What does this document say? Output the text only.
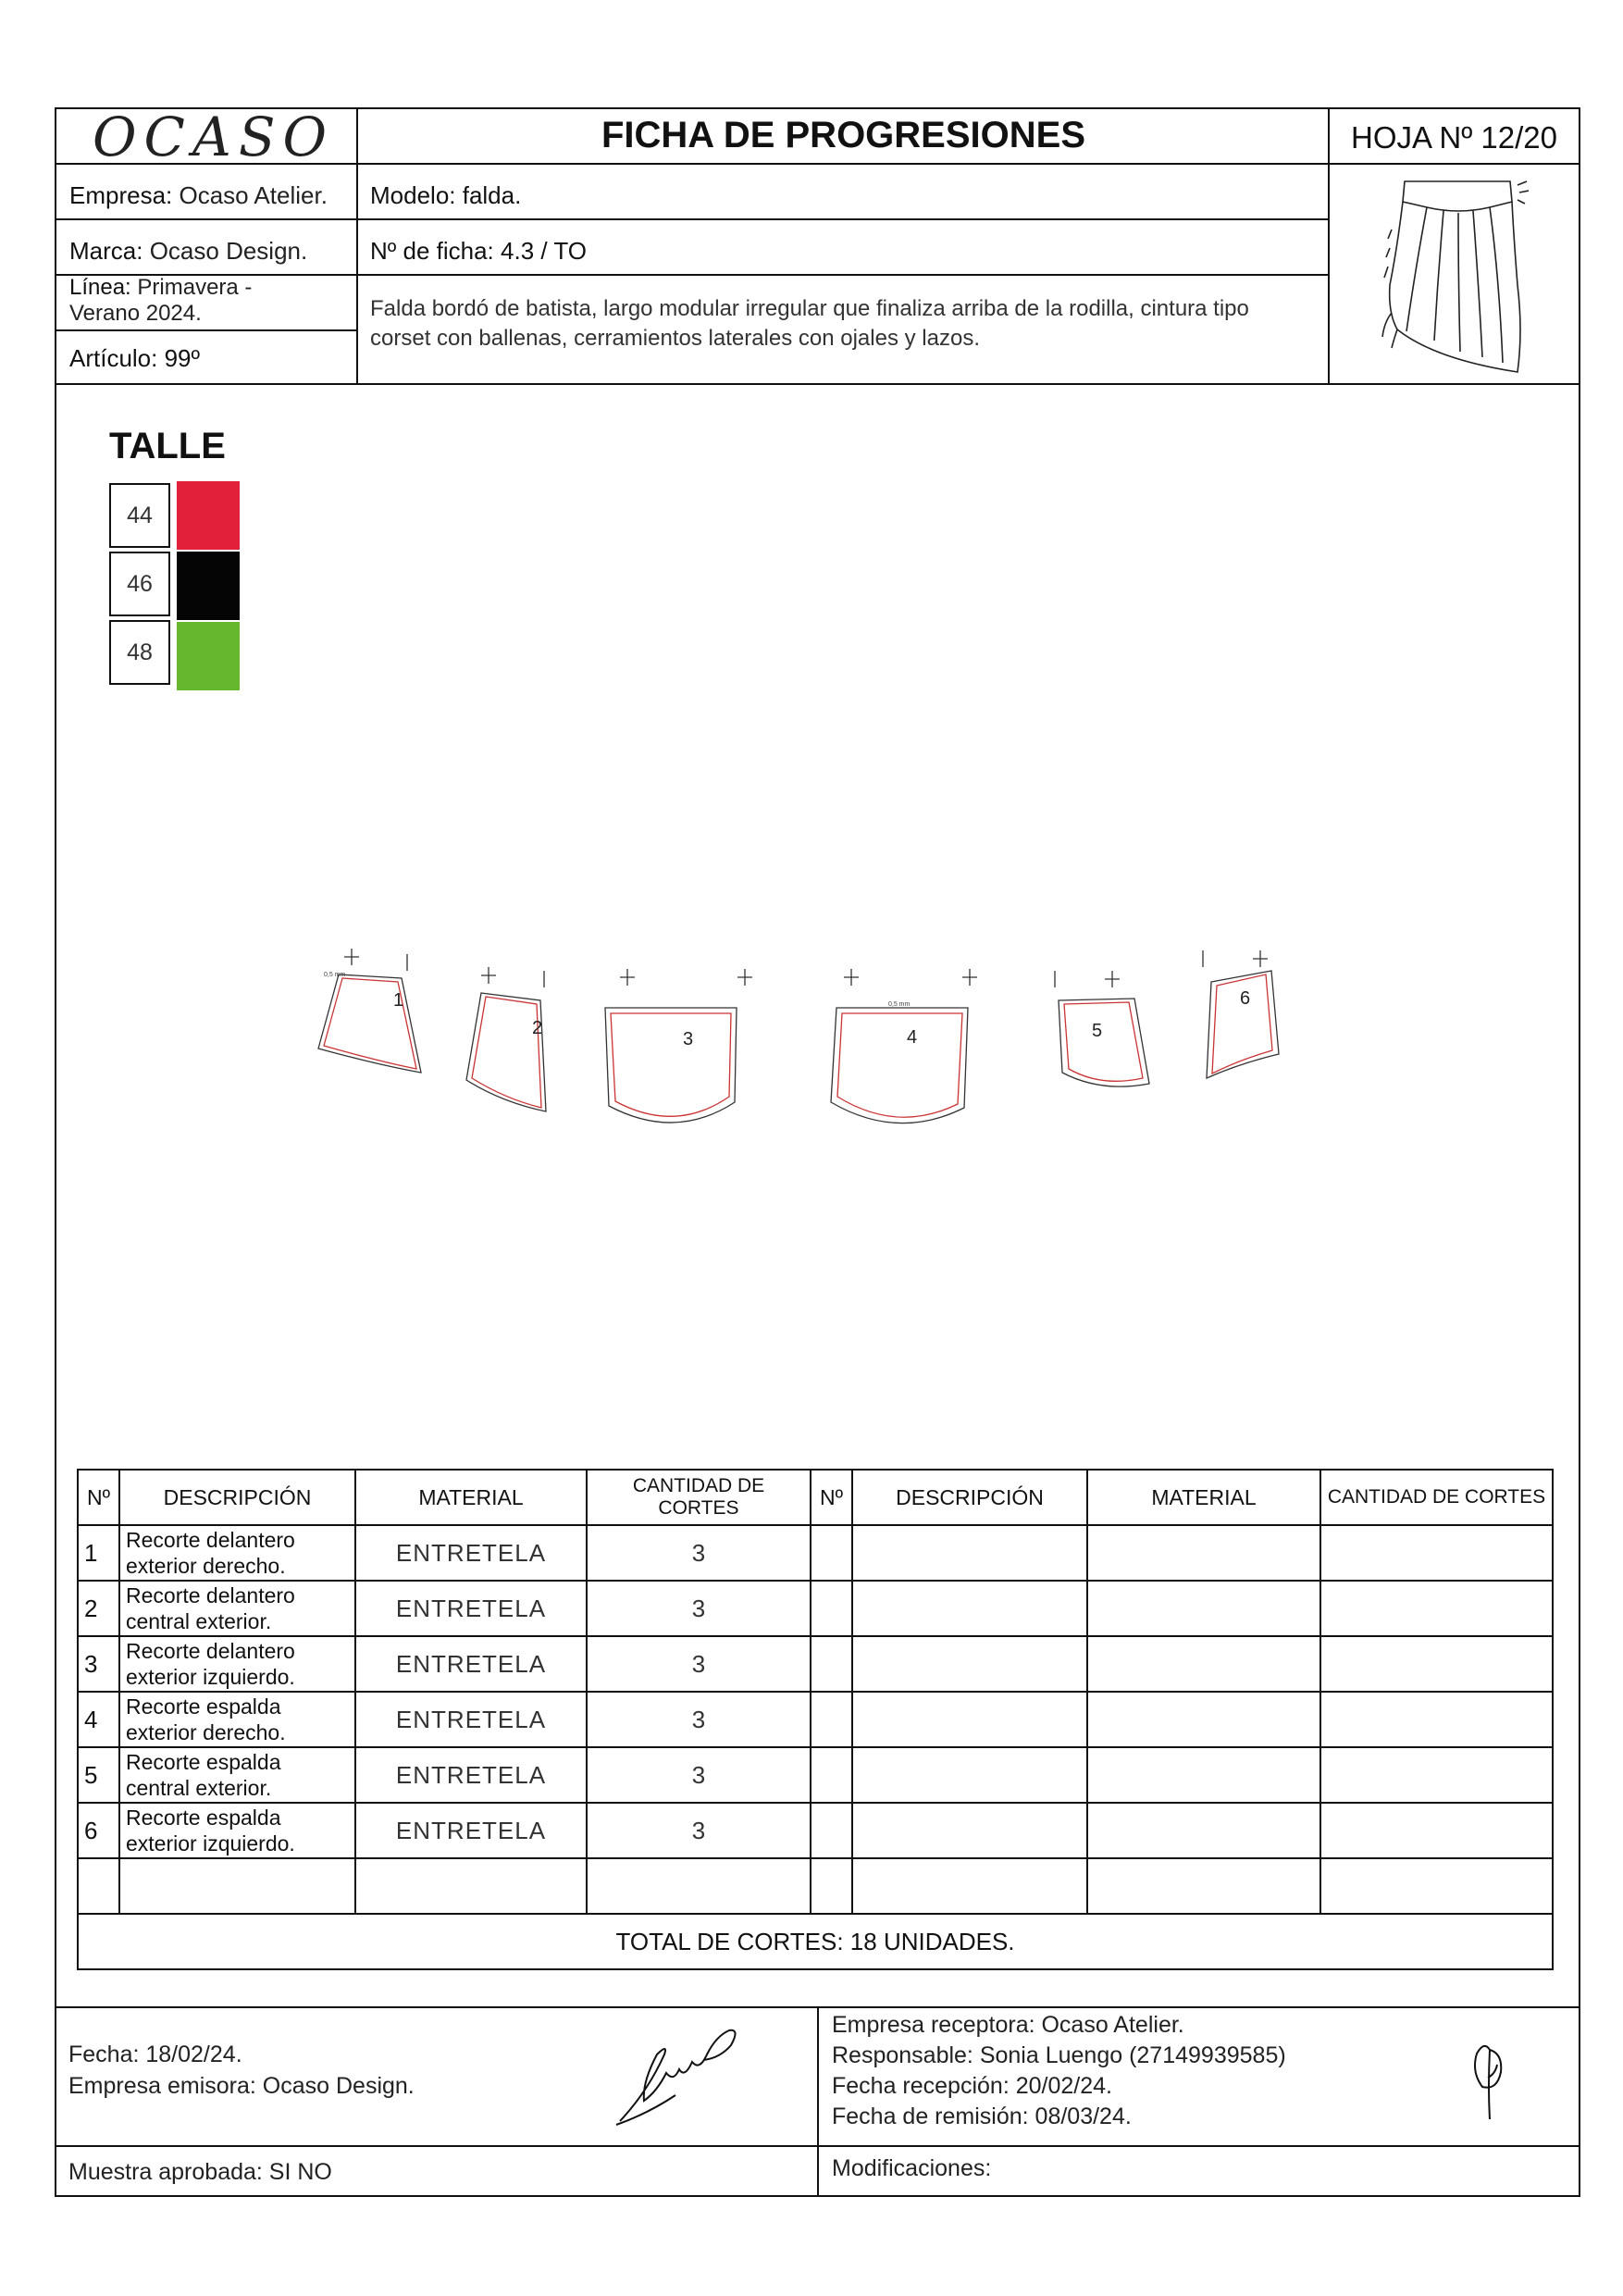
OCASO	FICHA DE PROGRESIONES	HOJA Nº 12/20
Empresa: Ocaso Atelier.
Marca: Ocaso Design.
Línea: Primavera -
Verano 2024.
Artículo: 99º
Modelo: falda.
Nº de ficha: 4.3 / TO
Falda bordó de batista, largo modular irregular que finaliza arriba de la rodilla, cintura tipo
corset con ballenas, cerramientos laterales con ojales y lazos.
TALLE
44
46
48
1
2
3	4	5
6
0,5 mm
0,5 mm
Nº	DESCRIPCIÓN	MATERIAL	CANTIDAD DE CORTES	Nº	DESCRIPCIÓN	MATERIAL	CANTIDAD DE CORTES
1	Recorte delantero
exterior derecho.	ENTRETELA	3				
2	Recorte delantero
central exterior.	ENTRETELA	3				
3	Recorte delantero
exterior izquierdo.	ENTRETELA	3				
4	Recorte espalda
exterior derecho.	ENTRETELA	3				
5	Recorte espalda
central exterior.	ENTRETELA	3				
6	Recorte espalda
exterior izquierdo.	ENTRETELA	3				

TOTAL DE CORTES: 18 UNIDADES.							
Fecha: 18/02/24.
Empresa emisora: Ocaso Design.
Empresa receptora: Ocaso Atelier.
Responsable: Sonia Luengo (27149939585)
Fecha recepción: 20/02/24.
Fecha de remisión: 08/03/24.
Muestra aprobada: SI NO	Modificaciones:
